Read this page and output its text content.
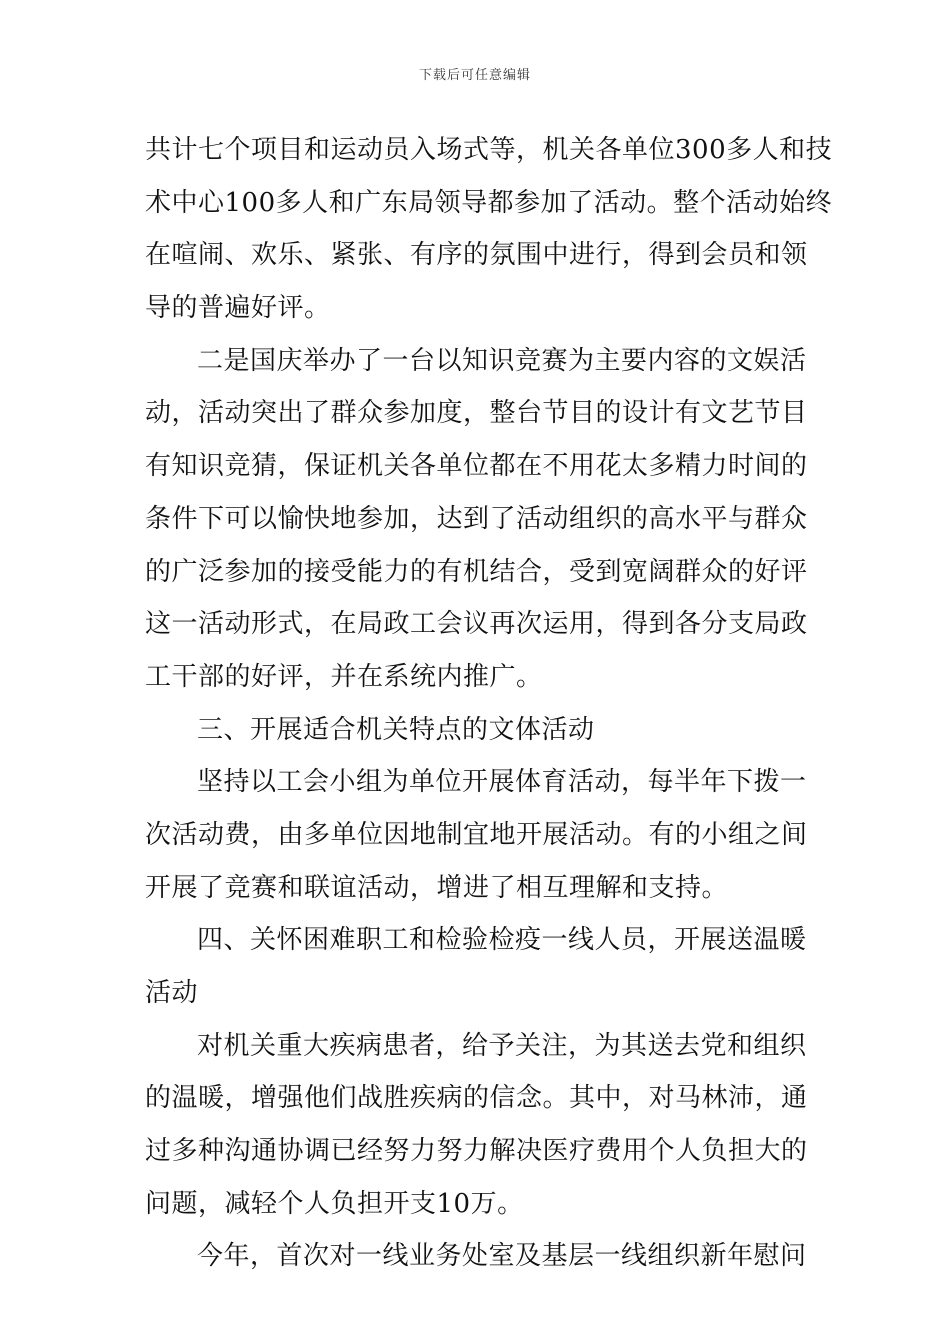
下载后可任意编辑
共计七个项目和运动员入场式等，机关各单位300多人和技
术中心100多人和广东局领导都参加了活动。整个活动始终
在喧闹、欢乐、紧张、有序的氛围中进行，得到会员和领
导的普遍好评。
二是国庆举办了一台以知识竞赛为主要内容的文娱活
动，活动突出了群众参加度，整台节目的设计有文艺节目
有知识竞猜，保证机关各单位都在不用花太多精力时间的
条件下可以愉快地参加，达到了活动组织的高水平与群众
的广泛参加的接受能力的有机结合，受到宽阔群众的好评
这一活动形式，在局政工会议再次运用，得到各分支局政
工干部的好评，并在系统内推广。
三、开展适合机关特点的文体活动
坚持以工会小组为单位开展体育活动，每半年下拨一
次活动费，由多单位因地制宜地开展活动。有的小组之间
开展了竞赛和联谊活动，增进了相互理解和支持。
四、关怀困难职工和检验检疫一线人员，开展送温暖
活动
对机关重大疾病患者，给予关注，为其送去党和组织
的温暖，增强他们战胜疾病的信念。其中，对马林沛，通
过多种沟通协调已经努力努力解决医疗费用个人负担大的
问题，减轻个人负担开支10万。
今年，首次对一线业务处室及基层一线组织新年慰问
